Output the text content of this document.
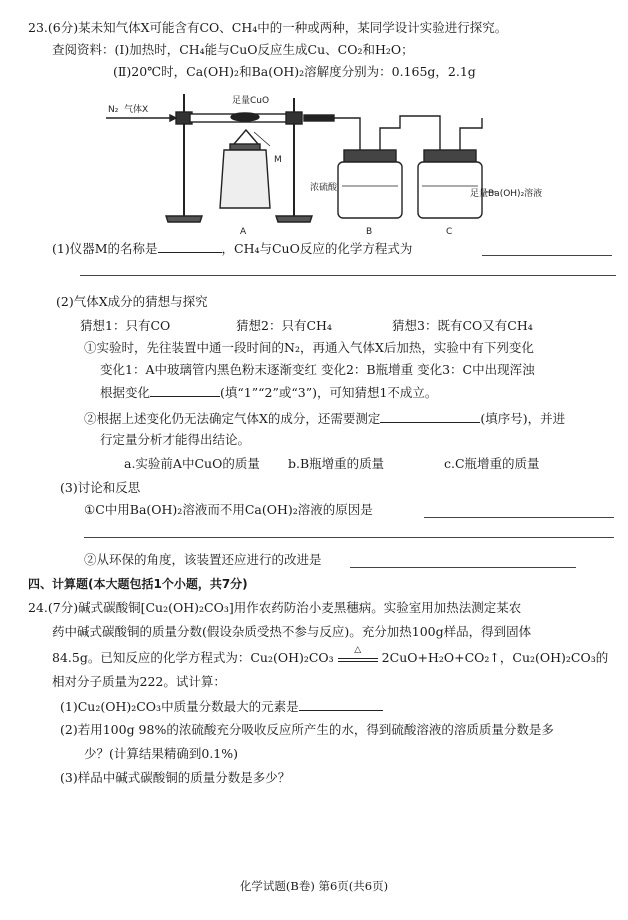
23.(6分)某未知气体X可能含有CO、CH₄中的一种或两种，某同学设计实验进行探究。
查阅资料：(Ⅰ)加热时，CH₄能与CuO反应生成Cu、CO₂和H₂O；
(Ⅱ)20℃时，Ca(OH)₂和Ba(OH)₂溶解度分别为：0.165g，2.1g
N₂ 气体X
足量CuO
M
A	B	C
浓硫酸
足量Ba(OH)₂溶液
(1)仪器M的名称是	，CH₄与CuO反应的化学方程式为
(2)气体X成分的猜想与探究
猜想1：只有CO	猜想2：只有CH₄	猜想3：既有CO又有CH₄
①实验时，先往装置中通一段时间的N₂，再通入气体X后加热，实验中有下列变化
变化1：A中玻璃管内黑色粉末逐渐变红 变化2：B瓶增重 变化3：C中出现浑浊
根据变化	(填“1”“2”或“3”)，可知猜想1不成立。
②根据上述变化仍无法确定气体X的成分，还需要测定	(填序号)，并进
行定量分析才能得出结论。
a.实验前A中CuO的质量 b.B瓶增重的质量	c.C瓶增重的质量
(3)讨论和反思
①C中用Ba(OH)₂溶液而不用Ca(OH)₂溶液的原因是
②从环保的角度，该装置还应进行的改进是
四、计算题(本大题包括1个小题，共7分)
24.(7分)碱式碳酸铜[Cu₂(OH)₂CO₃]用作农药防治小麦黑穗病。实验室用加热法测定某农
药中碱式碳酸铜的质量分数(假设杂质受热不参与反应)。充分加热100g样品，得到固体
84.5g。已知反应的化学方程式为：Cu₂(OH)₂CO₃	△	2CuO+H₂O+CO₂↑，Cu₂(OH)₂CO₃的
相对分子质量为222。试计算：
(1)Cu₂(OH)₂CO₃中质量分数最大的元素是
(2)若用100g 98%的浓硫酸充分吸收反应所产生的水，得到硫酸溶液的溶质质量分数是多
少？(计算结果精确到0.1%)
(3)样品中碱式碳酸铜的质量分数是多少？
化学试题(B卷) 第6页(共6页)
